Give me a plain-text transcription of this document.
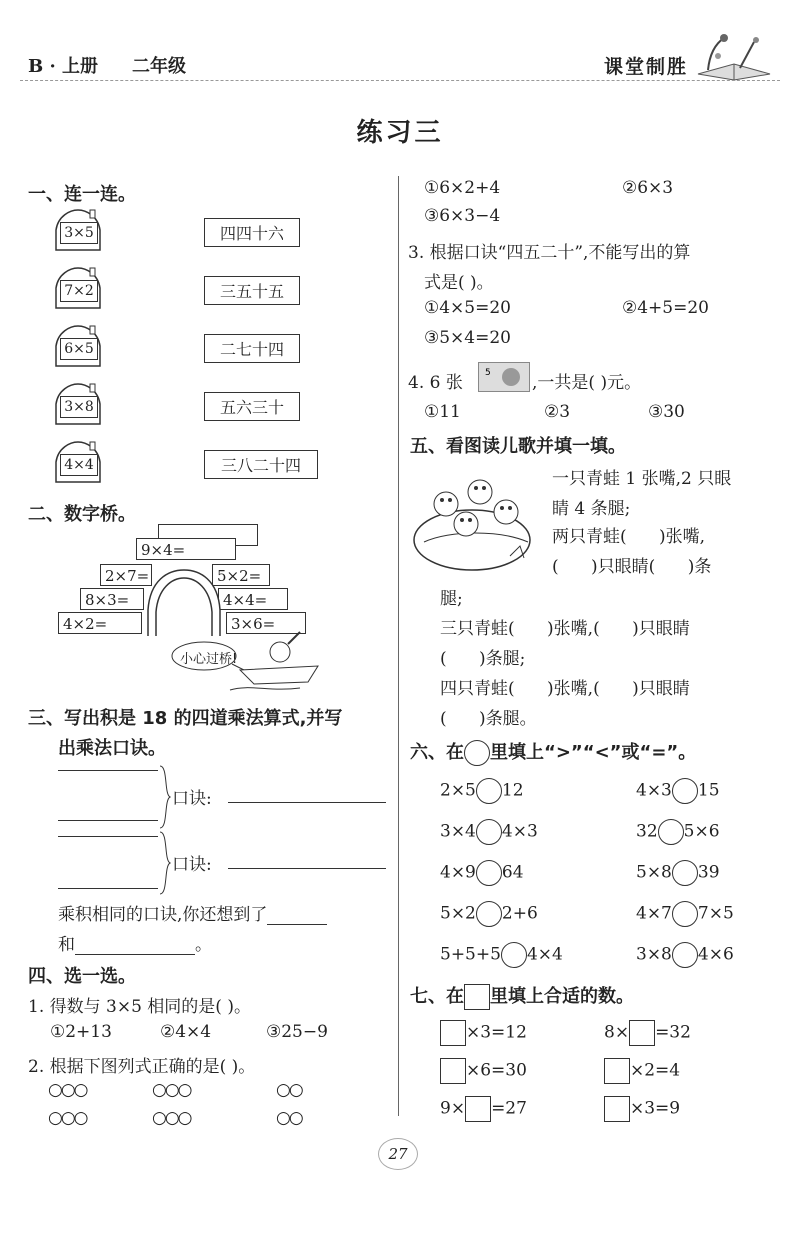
B · 上册 二年级	课堂制胜
练习三
一、连一连。
3×5
7×2
6×5
3×8
4×4
四四十六
三五十五
二七十四
五六三十
三八二十四
二、数字桥。
9×4=
2×7=	5×2=
8×3=	4×4=
4×2=	3×6=
小心过桥!
三、写出积是 18 的四道乘法算式,并写
出乘法口诀。
口诀:
口诀:
乘积相同的口诀,你还想到了
和	。
四、选一选。
1. 得数与 3×5 相同的是( )。
①2+13	②4×4	③25−9
2. 根据下图列式正确的是( )。
○○○	○○○	○○
○○○	○○○	○○
①6×2+4	②6×3
③6×3−4
3. 根据口诀“四五二十”,不能写出的算
式是( )。
①4×5=20	②4+5=20
③5×4=20
4. 6 张 5 ,一共是( )元。
①11	②3	③30
五、看图读儿歌并填一填。
一只青蛙 1 张嘴,2 只眼
睛 4 条腿;
两只青蛙(      )张嘴,
(      )只眼睛(      )条
腿;
三只青蛙(      )张嘴,(      )只眼睛
(      )条腿;
四只青蛙(      )张嘴,(      )只眼睛
(      )条腿。
六、在 里填上“>”“<”或“=”。
2×5 12	4×3 15
3×4 4×3	32 5×6
4×9 64	5×8 39
5×2 2+6	4×7 7×5
5+5+5 4×4	3×8 4×6
七、在 里填上合适的数。
×3=12	8× =32
×6=30	×2=4
9× =27	×3=9
27
